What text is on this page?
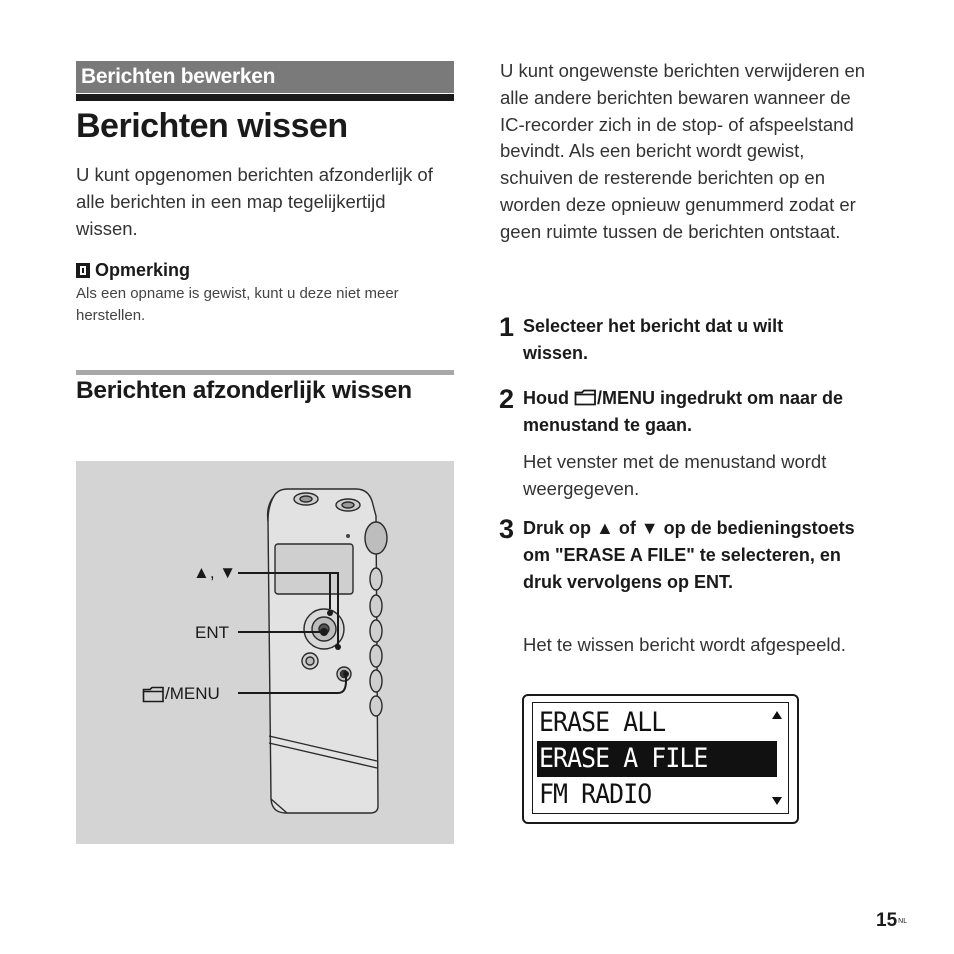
Berichten bewerken
Berichten wissen
U kunt opgenomen berichten afzonderlijk of alle berichten in een map tegelijkertijd wissen.
Opmerking
Als een opname is gewist, kunt u deze niet meer herstellen.
Berichten afzonderlijk wissen
▲, ▼
ENT
/MENU
U kunt ongewenste berichten verwijderen en alle andere berichten bewaren wanneer de IC-recorder zich in de stop- of afspeelstand bevindt. Als een bericht wordt gewist, schuiven de resterende berichten op en worden deze opnieuw genummerd zodat er geen ruimte tussen de berichten ontstaat.
1 Selecteer het bericht dat u wilt wissen.
2 Houd /MENU ingedrukt om naar de menustand te gaan.
Het venster met de menustand wordt weergegeven.
3 Druk op ▲ of ▼ op de bedieningstoets om "ERASE A FILE" te selecteren, en druk vervolgens op ENT.
Het te wissen bericht wordt afgespeeld.
ERASE ALL
ERASE A FILE
FM RADIO
$15^{NL}$
